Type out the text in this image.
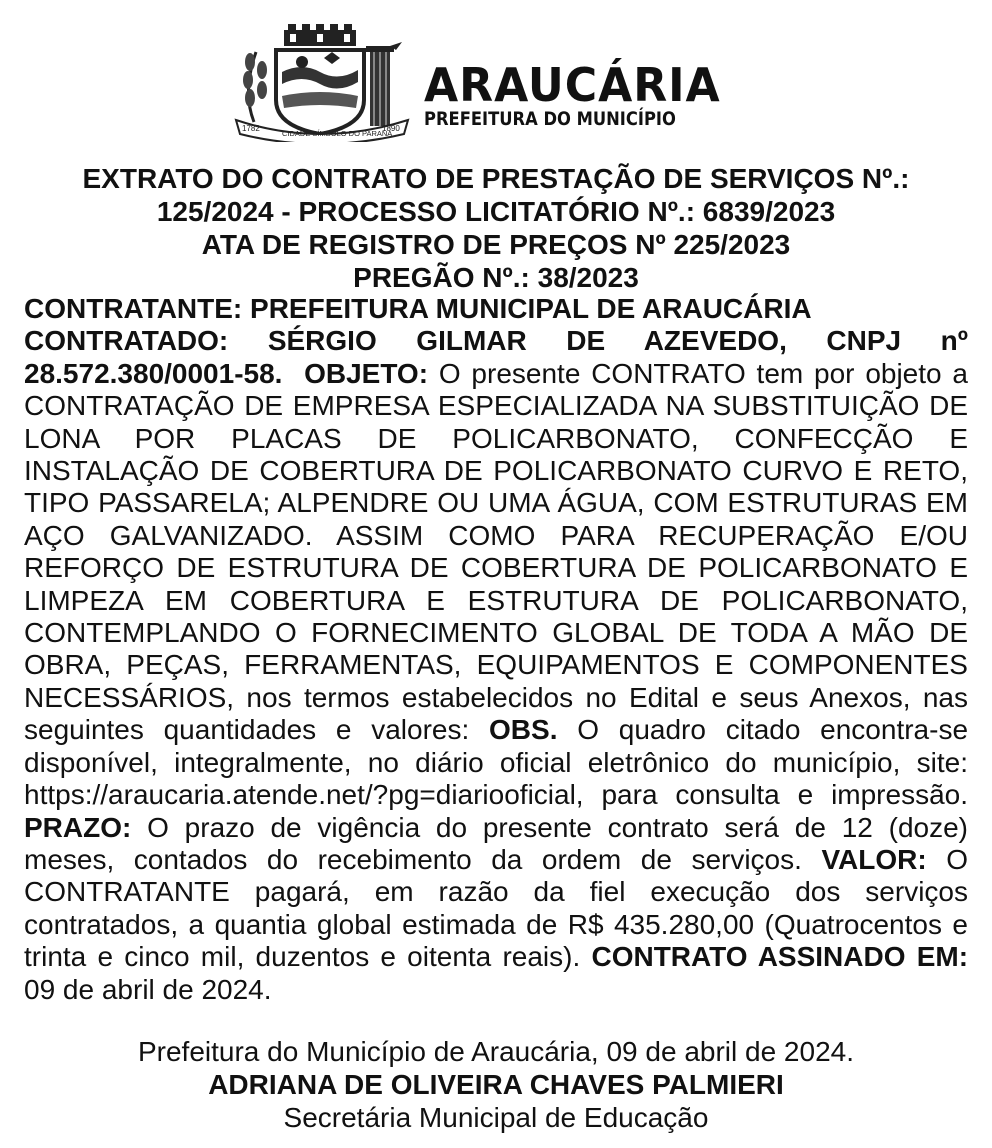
1782
CIDADE SÍMBOLO DO PARANÁ
1890
ARAUCÁRIA
PREFEITURA DO MUNICÍPIO
EXTRATO DO CONTRATO DE PRESTAÇÃO DE SERVIÇOS Nº.:
125/2024 - PROCESSO LICITATÓRIO Nº.: 6839/2023
ATA DE REGISTRO DE PREÇOS Nº 225/2023
PREGÃO Nº.: 38/2023

CONTRATANTE: PREFEITURA MUNICIPAL DE ARAUCÁRIA

CONTRATADO: SÉRGIO GILMAR DE AZEVEDO, CNPJ nº 28.572.380/0001-58. OBJETO: O presente CONTRATO tem por objeto a CONTRATAÇÃO DE EMPRESA ESPECIALIZADA NA SUBSTITUIÇÃO DE LONA POR PLACAS DE POLICARBONATO, CONFECÇÃO E INSTALAÇÃO DE COBERTURA DE POLICARBONATO CURVO E RETO, TIPO PASSARELA; ALPENDRE OU UMA ÁGUA, COM ESTRUTURAS EM AÇO GALVANIZADO. ASSIM COMO PARA RECUPERAÇÃO E/OU REFORÇO DE ESTRUTURA DE COBERTURA DE POLICARBONATO E LIMPEZA EM COBERTURA E ESTRUTURA DE POLICARBONATO, CONTEMPLANDO O FORNECIMENTO GLOBAL DE TODA A MÃO DE OBRA, PEÇAS, FERRAMENTAS, EQUIPAMENTOS E COMPONENTES NECESSÁRIOS, nos termos estabelecidos no Edital e seus Anexos, nas seguintes quantidades e valores: OBS. O quadro citado encontra-se disponível, integralmente, no diário oficial eletrônico do município, site: https://araucaria.atende.net/?pg=diariooficial, para consulta e impressão. PRAZO: O prazo de vigência do presente contrato será de 12 (doze) meses, contados do recebimento da ordem de serviços. VALOR: O CONTRATANTE pagará, em razão da fiel execução dos serviços contratados, a quantia global estimada de R$ 435.280,00 (Quatrocentos e trinta e cinco mil, duzentos e oitenta reais). CONTRATO ASSINADO EM: 09 de abril de 2024.

Prefeitura do Município de Araucária, 09 de abril de 2024.
ADRIANA DE OLIVEIRA CHAVES PALMIERI
Secretária Municipal de Educação
